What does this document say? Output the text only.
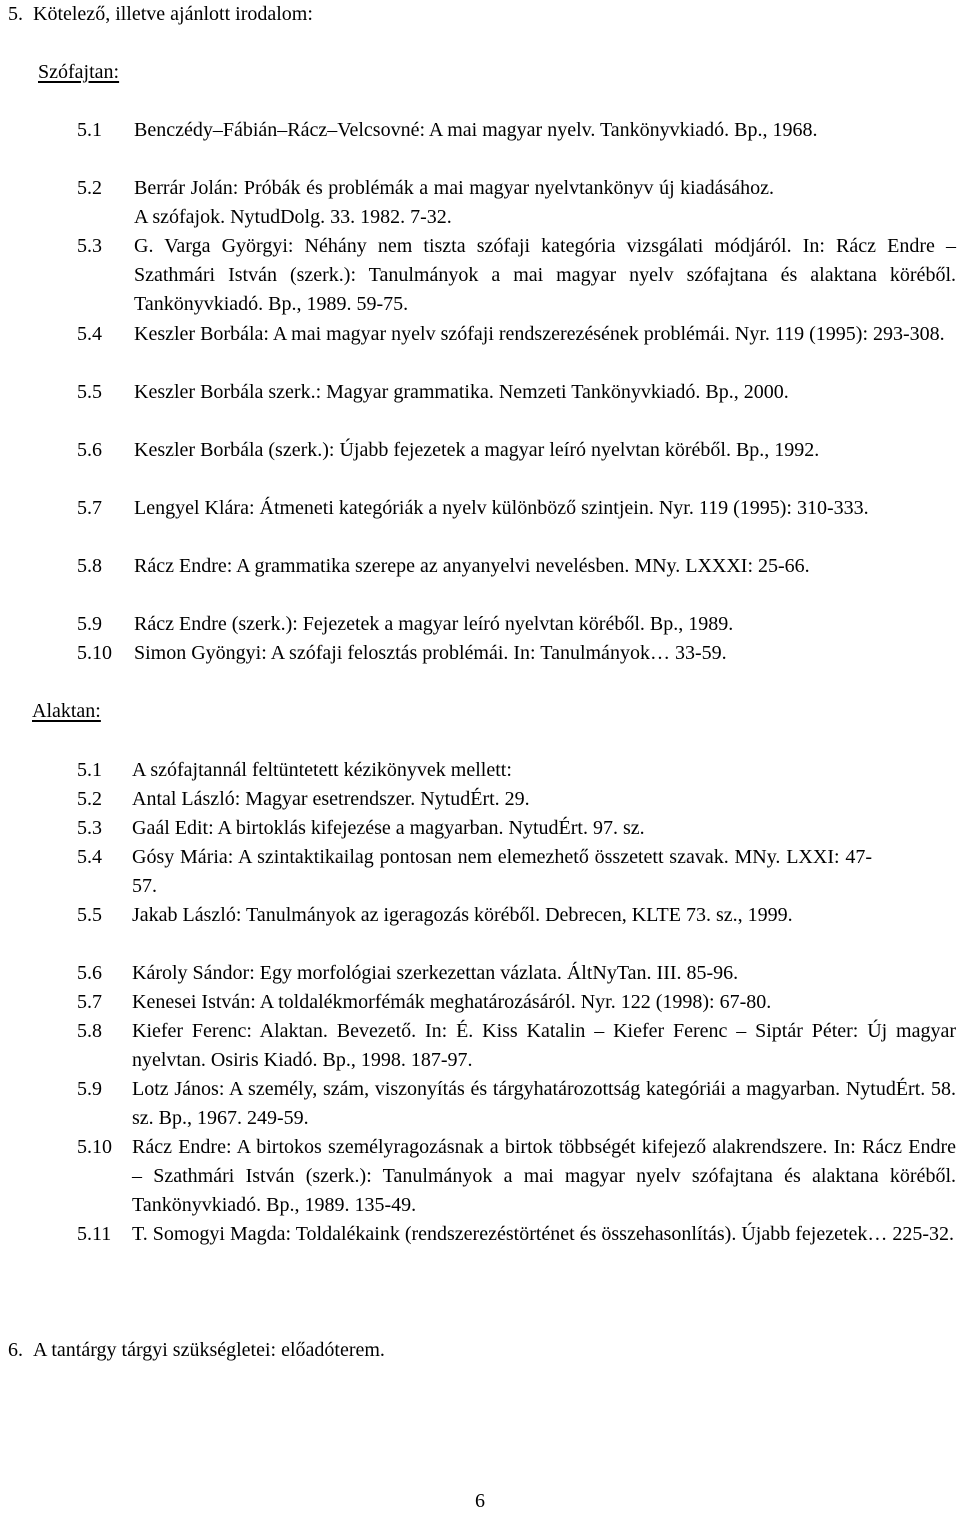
5. Kötelező, illetve ajánlott irodalom:
Szófajtan:
5.1 Benczédy–Fábián–Rácz–Velcsovné: A mai magyar nyelv. Tankönyvkiadó. Bp., 1968.
5.2 Berrár Jolán: Próbák és problémák a mai magyar nyelvtankönyv új kiadásához. A szófajok. NytudDolg. 33. 1982. 7-32.
5.3 G. Varga Györgyi: Néhány nem tiszta szófaji kategória vizsgálati módjáról. In: Rácz Endre – Szathmári István (szerk.): Tanulmányok a mai magyar nyelv szófajtana és alaktana köréből. Tankönyvkiadó. Bp., 1989. 59-75.
5.4 Keszler Borbála: A mai magyar nyelv szófaji rendszerezésének problémái. Nyr. 119 (1995): 293-308.
5.5 Keszler Borbála szerk.: Magyar grammatika. Nemzeti Tankönyvkiadó. Bp., 2000.
5.6 Keszler Borbála (szerk.): Újabb fejezetek a magyar leíró nyelvtan köréből. Bp., 1992.
5.7 Lengyel Klára: Átmeneti kategóriák a nyelv különböző szintjein. Nyr. 119 (1995): 310-333.
5.8 Rácz Endre: A grammatika szerepe az anyanyelvi nevelésben. MNy. LXXXI: 25-66.
5.9 Rácz Endre (szerk.): Fejezetek a magyar leíró nyelvtan köréből. Bp., 1989.
5.10 Simon Gyöngyi: A szófaji felosztás problémái. In: Tanulmányok… 33-59.
Alaktan:
5.1 A szófajtannál feltüntetett kézikönyvek mellett:
5.2 Antal László: Magyar esetrendszer. NytudÉrt. 29.
5.3 Gaál Edit: A birtoklás kifejezése a magyarban. NytudÉrt. 97. sz.
5.4 Gósy Mária: A szintaktikailag pontosan nem elemezhető összetett szavak. MNy. LXXI: 47-57.
5.5 Jakab László: Tanulmányok az igeragozás köréből. Debrecen, KLTE 73. sz., 1999.
5.6 Károly Sándor: Egy morfológiai szerkezettan vázlata. ÁltNyTan. III. 85-96.
5.7 Kenesei István: A toldalékmorfémák meghatározásáról. Nyr. 122 (1998): 67-80.
5.8 Kiefer Ferenc: Alaktan. Bevezető. In: É. Kiss Katalin – Kiefer Ferenc – Siptár Péter: Új magyar nyelvtan. Osiris Kiadó. Bp., 1998. 187-97.
5.9 Lotz János: A személy, szám, viszonyítás és tárgyhatározottság kategóriái a magyarban. NytudÉrt. 58. sz. Bp., 1967. 249-59.
5.10 Rácz Endre: A birtokos személyragozásnak a birtok többségét kifejező alakrendszere. In: Rácz Endre – Szathmári István (szerk.): Tanulmányok a mai magyar nyelv szófajtana és alaktana köréből. Tankönyvkiadó. Bp., 1989. 135-49.
5.11 T. Somogyi Magda: Toldalékaink (rendszerezéstörténet és összehasonlítás). Újabb fejezetek… 225-32.
6. A tantárgy tárgyi szükségletei: előadóterem.
6
